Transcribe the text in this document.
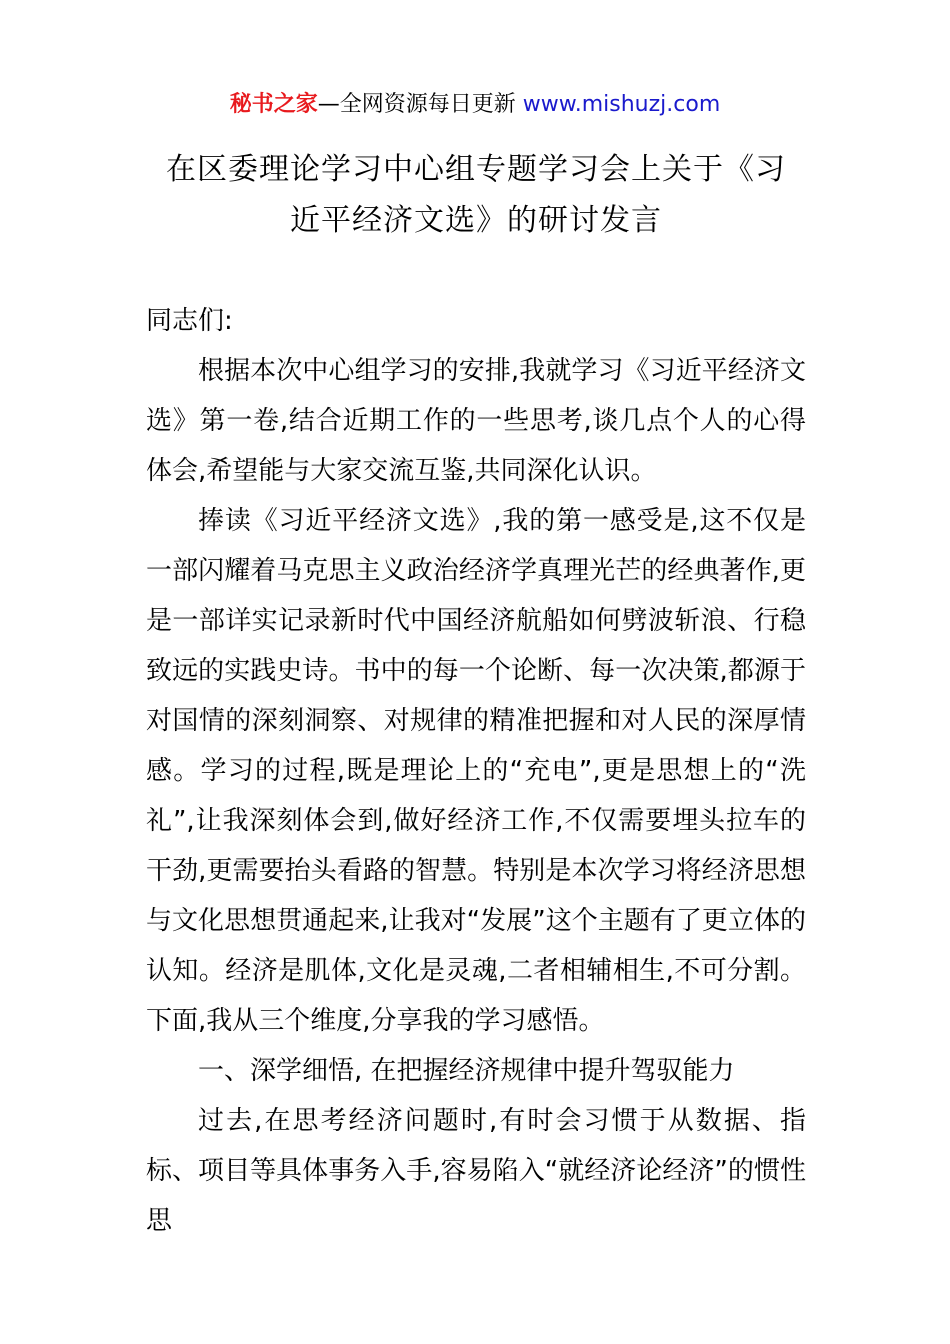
秘书之家—全网资源每日更新 www.mishuzj.com
在区委理论学习中心组专题学习会上关于《习
近平经济文选》的研讨发言

同志们:

根据本次中心组学习的安排,我就学习《习近平经济文选》第一卷,结合近期工作的一些思考,谈几点个人的心得体会,希望能与大家交流互鉴,共同深化认识。

捧读《习近平经济文选》,我的第一感受是,这不仅是一部闪耀着马克思主义政治经济学真理光芒的经典著作,更是一部详实记录新时代中国经济航船如何劈波斩浪、行稳致远的实践史诗。书中的每一个论断、每一次决策,都源于对国情的深刻洞察、对规律的精准把握和对人民的深厚情感。学习的过程,既是理论上的“充电”,更是思想上的“洗礼”,让我深刻体会到,做好经济工作,不仅需要埋头拉车的干劲,更需要抬头看路的智慧。特别是本次学习将经济思想与文化思想贯通起来,让我对“发展”这个主题有了更立体的认知。经济是肌体,文化是灵魂,二者相辅相生,不可分割。下面,我从三个维度,分享我的学习感悟。

一、深学细悟, 在把握经济规律中提升驾驭能力

过去,在思考经济问题时,有时会习惯于从数据、指标、项目等具体事务入手,容易陷入“就经济论经济”的惯性思
